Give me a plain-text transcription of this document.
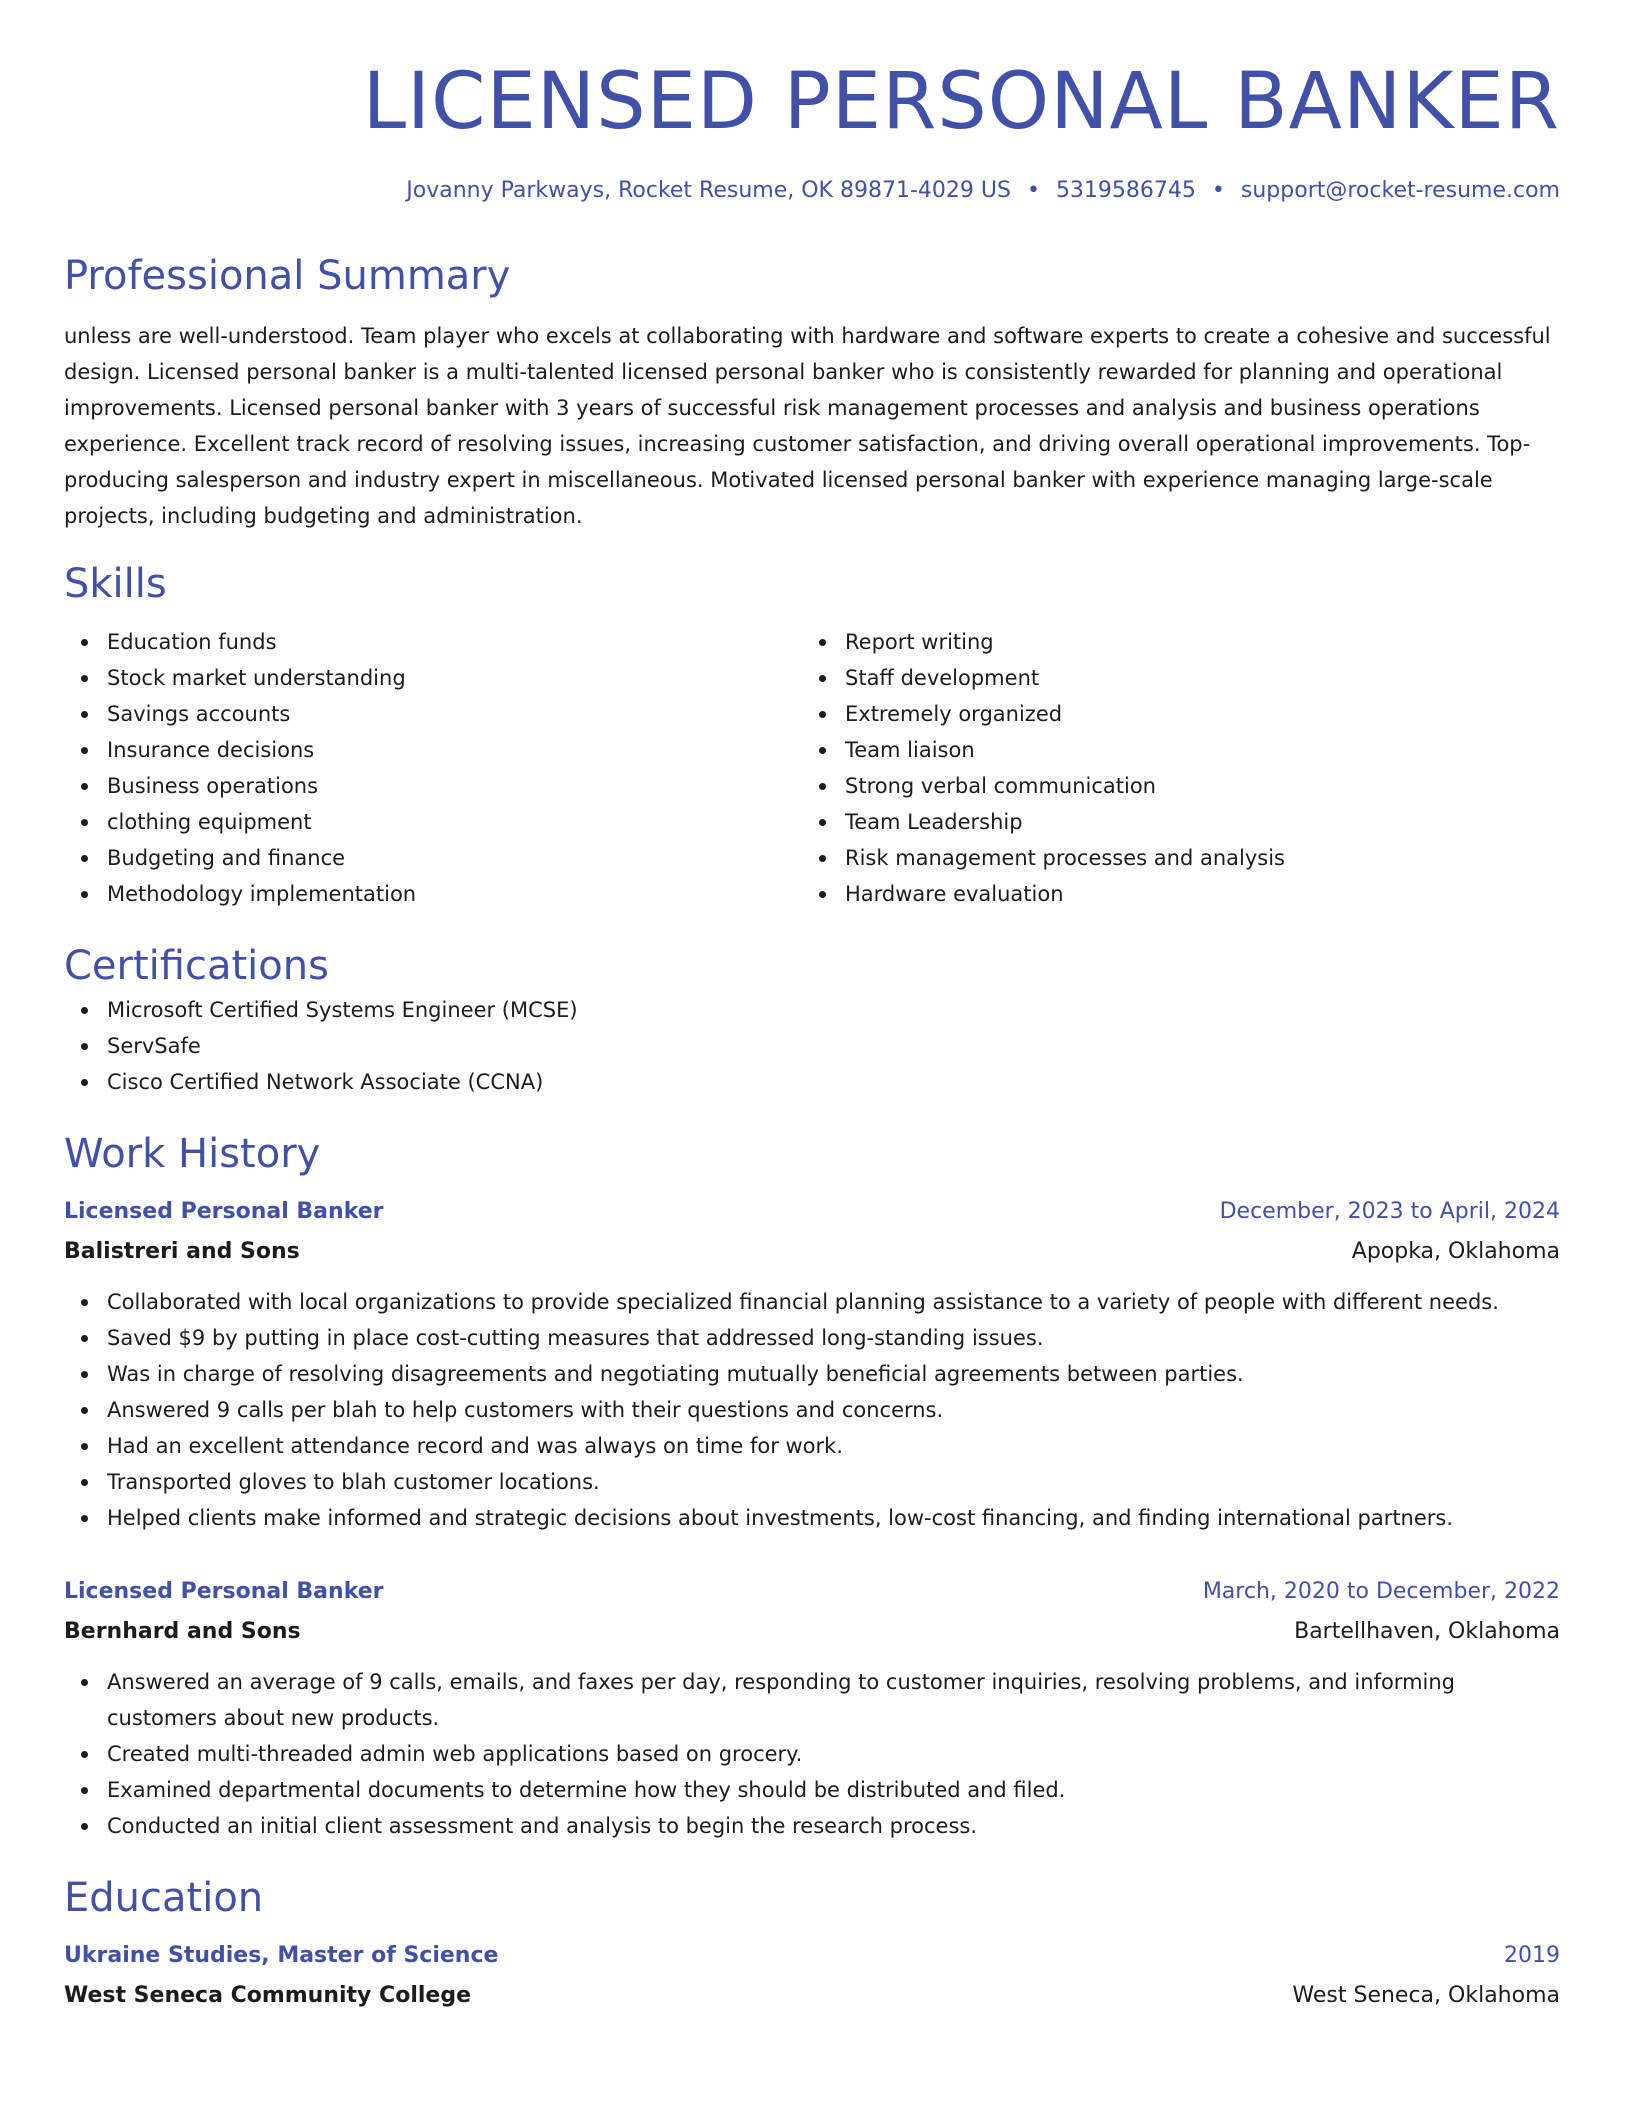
LICENSED PERSONAL BANKER
Jovanny Parkways, Rocket Resume, OK 89871-4029 US • 5319586745 • support@rocket-resume.com
Professional Summary

unless are well-understood. Team player who excels at collaborating with hardware and software experts to create a cohesive and successful design. Licensed personal banker is a multi-talented licensed personal banker who is consistently rewarded for planning and operational improvements. Licensed personal banker with 3 years of successful risk management processes and analysis and business operations experience. Excellent track record of resolving issues, increasing customer satisfaction, and driving overall operational improvements. Top-producing salesperson and industry expert in miscellaneous. Motivated licensed personal banker with experience managing large-scale projects, including budgeting and administration.

Skills
Education funds
Stock market understanding
Savings accounts
Insurance decisions
Business operations
clothing equipment
Budgeting and finance
Methodology implementation
Report writing
Staff development
Extremely organized
Team liaison
Strong verbal communication
Team Leadership
Risk management processes and analysis
Hardware evaluation
Certifications
Microsoft Certified Systems Engineer (MCSE)
ServSafe
Cisco Certified Network Associate (CCNA)
Work History
Licensed Personal Banker	December, 2023 to April, 2024
Balistreri and Sons	Apopka, Oklahoma
Collaborated with local organizations to provide specialized financial planning assistance to a variety of people with different needs.
Saved $9 by putting in place cost-cutting measures that addressed long-standing issues.
Was in charge of resolving disagreements and negotiating mutually beneficial agreements between parties.
Answered 9 calls per blah to help customers with their questions and concerns.
Had an excellent attendance record and was always on time for work.
Transported gloves to blah customer locations.
Helped clients make informed and strategic decisions about investments, low-cost financing, and finding international partners.
Licensed Personal Banker	March, 2020 to December, 2022
Bernhard and Sons	Bartellhaven, Oklahoma
Answered an average of 9 calls, emails, and faxes per day, responding to customer inquiries, resolving problems, and informing customers about new products.
Created multi-threaded admin web applications based on grocery.
Examined departmental documents to determine how they should be distributed and filed.
Conducted an initial client assessment and analysis to begin the research process.
Education
Ukraine Studies, Master of Science	2019
West Seneca Community College	West Seneca, Oklahoma
